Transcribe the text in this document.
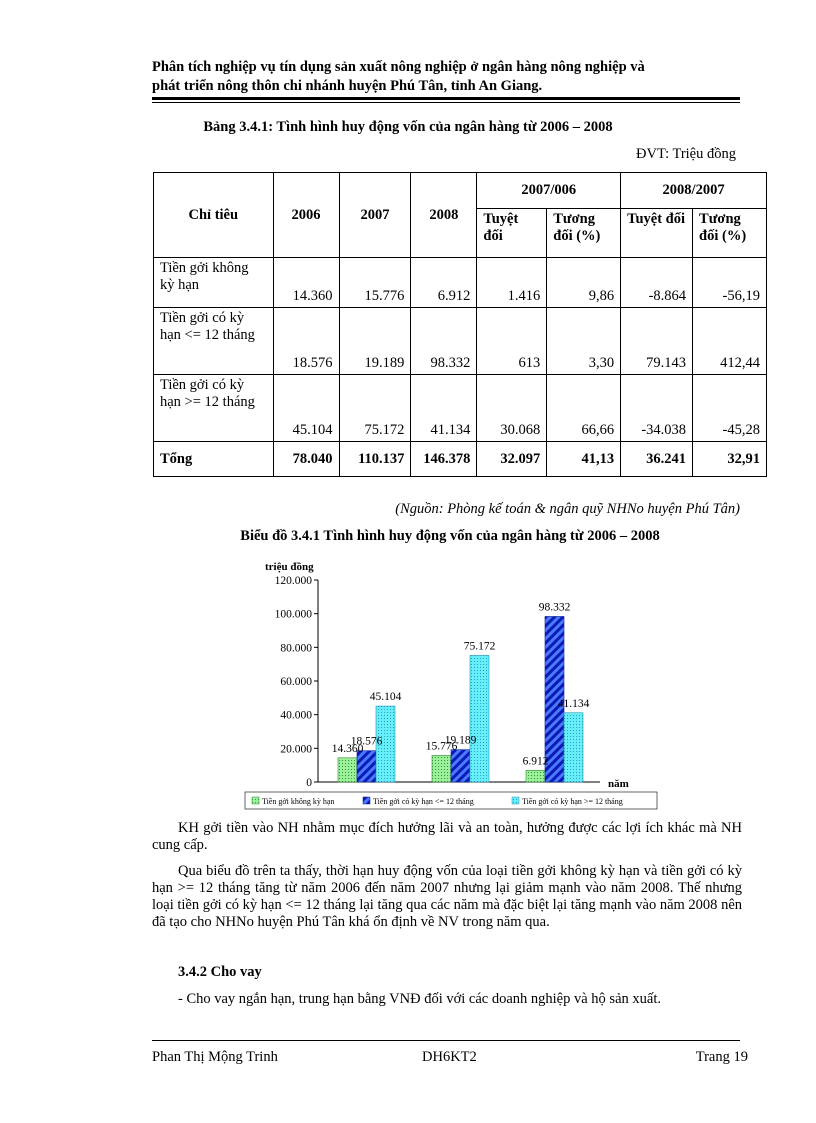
Phân tích nghiệp vụ tín dụng sản xuất nông nghiệp ở ngân hàng nông nghiệp và
phát triển nông thôn chi nhánh huyện Phú Tân, tỉnh An Giang.
Bảng 3.4.1: Tình hình huy động vốn của ngân hàng từ 2006 – 2008
ĐVT: Triệu đồng
Chỉ tiêu	2006	2007	2008	2007/006		2008/2007	
				Tuyệt đối	Tương đối (%)	Tuyệt đối	Tương đối (%)
Tiền gởi không kỳ hạn	14.360	15.776	6.912	1.416	9,86	-8.864	-56,19
Tiền gởi có kỳ hạn <= 12 tháng	18.576	19.189	98.332	613	3,30	79.143	412,44
Tiền gởi có kỳ hạn >= 12 tháng	45.104	75.172	41.134	30.068	66,66	-34.038	-45,28
Tổng	78.040	110.137	146.378	32.097	41,13	36.241	32,91
(Nguồn: Phòng kế toán & ngân quỹ NHNo huyện Phú Tân)
Biểu đồ 3.4.1 Tình hình huy động vốn của ngân hàng từ 2006 – 2008
triệu đồng
0
20.000
40.000
60.000
80.000
100.000
120.000
14.360
18.576
45.104
15.776
19.189
75.172
6.912
98.332
41.134
năm
Tiền gởi không kỳ hạn	Tiền gởi có kỳ hạn <= 12 tháng	Tiền gởi có kỳ hạn >= 12 tháng

KH gởi tiền vào NH nhằm mục đích hưởng lãi và an toàn, hưởng được các lợi ích khác mà NH cung cấp.

Qua biểu đồ trên ta thấy, thời hạn huy động vốn của loại tiền gởi không kỳ hạn và tiền gởi có kỳ hạn >= 12 tháng tăng từ năm 2006 đến năm 2007 nhưng lại giảm mạnh vào năm 2008. Thế nhưng loại tiền gởi có kỳ hạn <= 12 tháng lại tăng qua các năm mà đặc biệt lại tăng mạnh vào năm 2008 nên đã tạo cho NHNo huyện Phú Tân khá ổn định về NV trong năm qua.

3.4.2 Cho vay
- Cho vay ngắn hạn, trung hạn bằng VNĐ đối với các doanh nghiệp và hộ sản xuất.
Phan Thị Mộng Trinh	DH6KT2	Trang 19
